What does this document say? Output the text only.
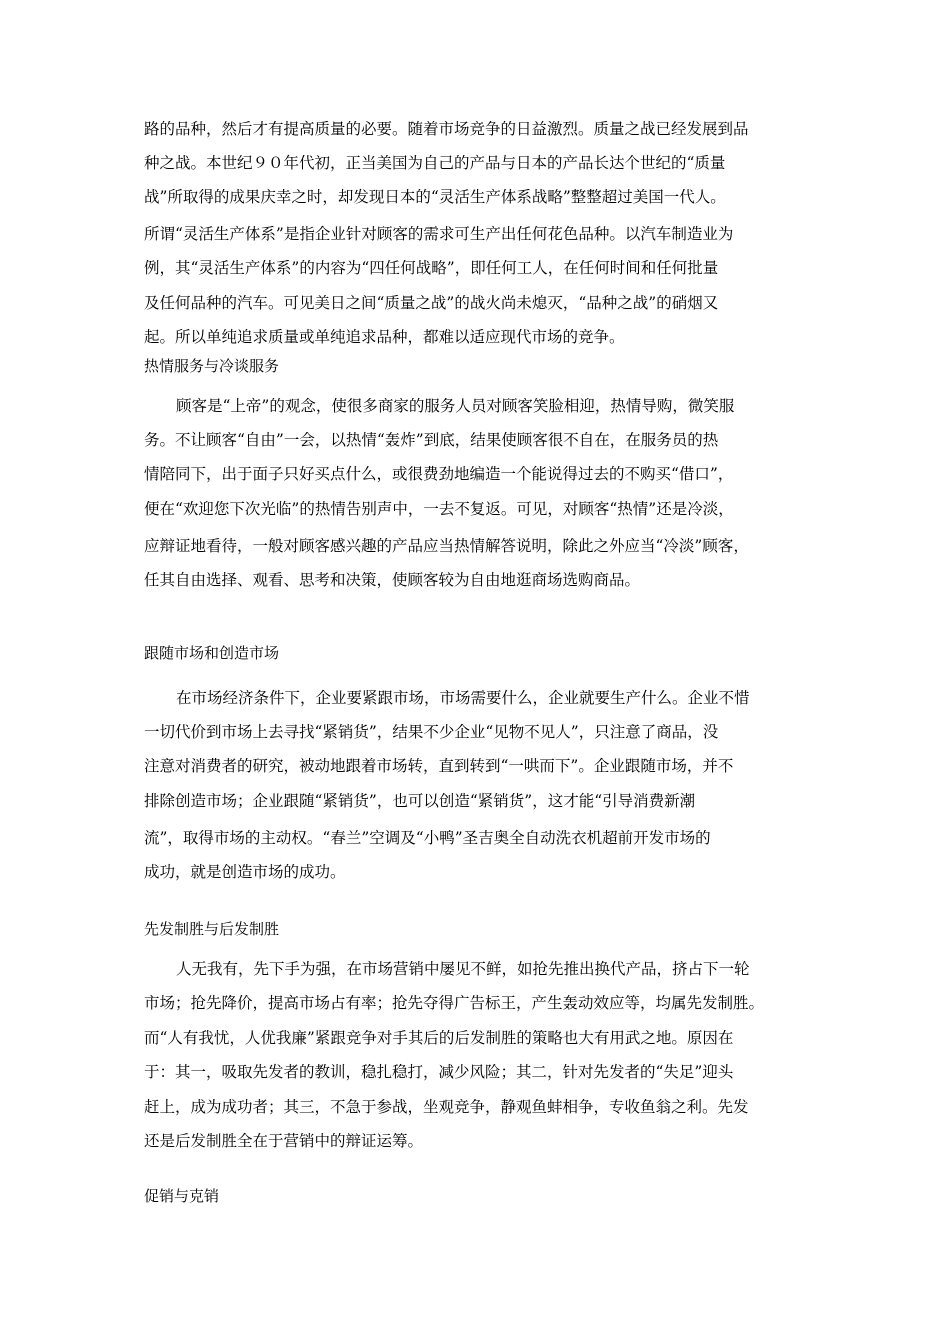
路的品种，然后才有提高质量的必要。随着市场竞争的日益激烈。质量之战已经发展到品
种之战。本世纪９０年代初，正当美国为自己的产品与日本的产品长达个世纪的“质量
战”所取得的成果庆幸之时，却发现日本的“灵活生产体系战略”整整超过美国一代人。
所谓“灵活生产体系”是指企业针对顾客的需求可生产出任何花色品种。以汽车制造业为
例，其“灵活生产体系”的内容为“四任何战略”，即任何工人，在任何时间和任何批量
及任何品种的汽车。可见美日之间“质量之战”的战火尚未熄灭，“品种之战”的硝烟又
起。所以单纯追求质量或单纯追求品种，都难以适应现代市场的竞争。
热情服务与冷谈服务
顾客是“上帝”的观念，使很多商家的服务人员对顾客笑脸相迎，热情导购，微笑服
务。不让顾客“自由”一会，以热情“轰炸”到底，结果使顾客很不自在，在服务员的热
情陪同下，出于面子只好买点什么，或很费劲地编造一个能说得过去的不购买“借口”，
便在“欢迎您下次光临”的热情告别声中，一去不复返。可见，对顾客“热情”还是冷淡，
应辩证地看待，一般对顾客感兴趣的产品应当热情解答说明，除此之外应当“冷淡”顾客，
任其自由选择、观看、思考和决策，使顾客较为自由地逛商场选购商品。
跟随市场和创造市场
在市场经济条件下，企业要紧跟市场，市场需要什么，企业就要生产什么。企业不惜
一切代价到市场上去寻找“紧销货”，结果不少企业“见物不见人”，只注意了商品，没
注意对消费者的研究，被动地跟着市场转，直到转到“一哄而下”。企业跟随市场，并不
排除创造市场；企业跟随“紧销货”，也可以创造“紧销货”，这才能“引导消费新潮
流”，取得市场的主动权。“春兰”空调及“小鸭”圣吉奥全自动洗衣机超前开发市场的
成功，就是创造市场的成功。
先发制胜与后发制胜
人无我有，先下手为强，在市场营销中屡见不鲜，如抢先推出换代产品，挤占下一轮
市场；抢先降价，提高市场占有率；抢先夺得广告标王，产生轰动效应等，均属先发制胜。
而“人有我忧，人优我廉”紧跟竞争对手其后的后发制胜的策略也大有用武之地。原因在
于：其一，吸取先发者的教训，稳扎稳打，减少风险；其二，针对先发者的“失足”迎头
赶上，成为成功者；其三，不急于参战，坐观竞争，静观鱼蚌相争，专收鱼翁之利。先发
还是后发制胜全在于营销中的辩证运筹。
促销与克销
